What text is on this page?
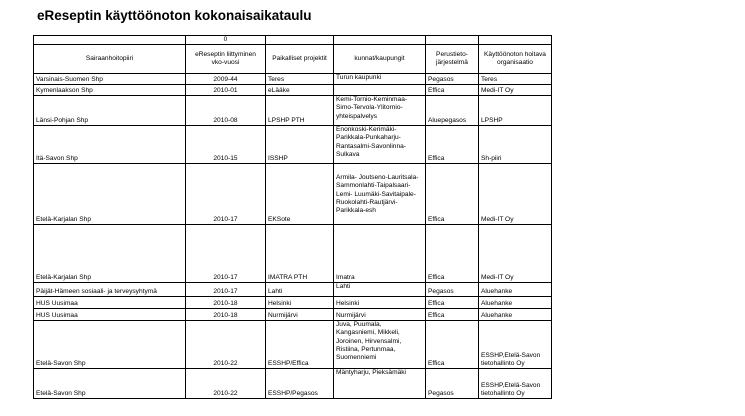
eReseptin käyttöönoton kokonaisaikataulu
	0				
Sairaanhoitopiiri	eReseptin liittyminen vko-vuosi	Paikalliset projektit	kunnat/kaupungit	Perustieto-järjestelmä	Käyttöönoton hoitava organisaatio
Varsinais-Suomen Shp	2009-44	Teres	Turun kaupunki	Pegasos	Teres
Kymenlaakson Shp	2010-01	eLääke		Effica	Medi-IT Oy
Länsi-Pohjan Shp	2010-08	LPSHP PTH	Kemi-Tornio-Keminmaa-Simo-Tervola-Ylitornio-yhteispalvelys	Aluepegasos	LPSHP
Itä-Savon Shp	2010-15	ISSHP	Enonkoski-Kerimäki-Parikkala-Punkaharju-Rantasalmi-Savonlinna-Sulkava	Effica	Sh-piiri
Etelä-Karjalan Shp	2010-17	EKSote	Armila- Joutseno-Lauritsala- Sammonlahti-Taipalsaari-Lemi- Luumäki-Savitaipale- Ruokolahti-Rautjärvi- Parikkala-esh	Effica	Medi-IT Oy
Etelä-Karjalan Shp	2010-17	IMATRA PTH	Imatra	Effica	Medi-IT Oy
Päijät-Hämeen sosiaali- ja terveysyhtymä	2010-17	Lahti	Lahti	Pegasos	Aluehanke
HUS Uusimaa	2010-18	Helsinki	Helsinki	Effica	Aluehanke
HUS Uusimaa	2010-18	Nurmijärvi	Nurmijärvi	Effica	Aluehanke
Etelä-Savon Shp	2010-22	ESSHP/Effica	Juva, Puumala, Kangasniemi, Mikkeli, Joroinen, Hirvensalmi, Ristiina, Pertunmaa, Suomenniemi	Effica	ESSHP,Etelä-Savon tietohallinto Oy
Etelä-Savon Shp	2010-22	ESSHP/Pegasos	Mäntyharju, Pieksämäki	Pegasos	ESSHP,Etelä-Savon tietohallinto Oy
